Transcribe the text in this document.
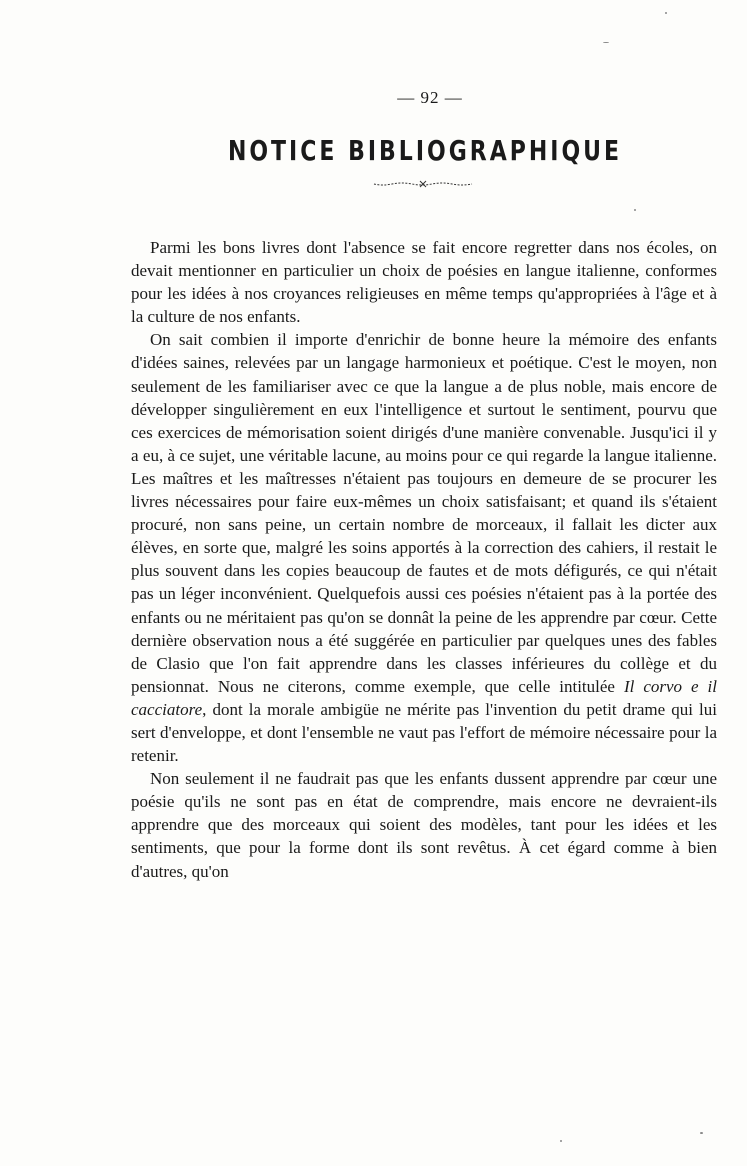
— 92 —
NOTICE BIBLIOGRAPHIQUE

Parmi les bons livres dont l'absence se fait encore regretter dans nos écoles, on devait mentionner en particulier un choix de poésies en langue italienne, conformes pour les idées à nos croyances religieuses en même temps qu'appropriées à l'âge et à la culture de nos enfants.

On sait combien il importe d'enrichir de bonne heure la mémoire des enfants d'idées saines, relevées par un langage harmonieux et poétique. C'est le moyen, non seulement de les familiariser avec ce que la langue a de plus noble, mais encore de développer singulièrement en eux l'intelligence et surtout le sentiment, pourvu que ces exercices de mémorisation soient dirigés d'une manière convenable. Jusqu'ici il y a eu, à ce sujet, une véritable lacune, au moins pour ce qui regarde la langue italienne. Les maîtres et les maîtresses n'étaient pas toujours en demeure de se procurer les livres nécessaires pour faire eux-mêmes un choix satisfaisant; et quand ils s'étaient procuré, non sans peine, un certain nombre de morceaux, il fallait les dicter aux élèves, en sorte que, malgré les soins apportés à la correction des cahiers, il restait le plus souvent dans les copies beaucoup de fautes et de mots défigurés, ce qui n'était pas un léger inconvénient. Quelquefois aussi ces poésies n'étaient pas à la portée des enfants ou ne méritaient pas qu'on se donnât la peine de les apprendre par cœur. Cette dernière observation nous a été suggérée en particulier par quelques unes des fables de Clasio que l'on fait apprendre dans les classes inférieures du collège et du pensionnat. Nous ne citerons, comme exemple, que celle intitulée Il corvo e il cacciatore, dont la morale ambigüe ne mérite pas l'invention du petit drame qui lui sert d'enveloppe, et dont l'ensemble ne vaut pas l'effort de mémoire nécessaire pour la retenir.

Non seulement il ne faudrait pas que les enfants dussent apprendre par cœur une poésie qu'ils ne sont pas en état de comprendre, mais encore ne devraient-ils apprendre que des morceaux qui soient des modèles, tant pour les idées et les sentiments, que pour la forme dont ils sont revêtus. À cet égard comme à bien d'autres, qu'on
